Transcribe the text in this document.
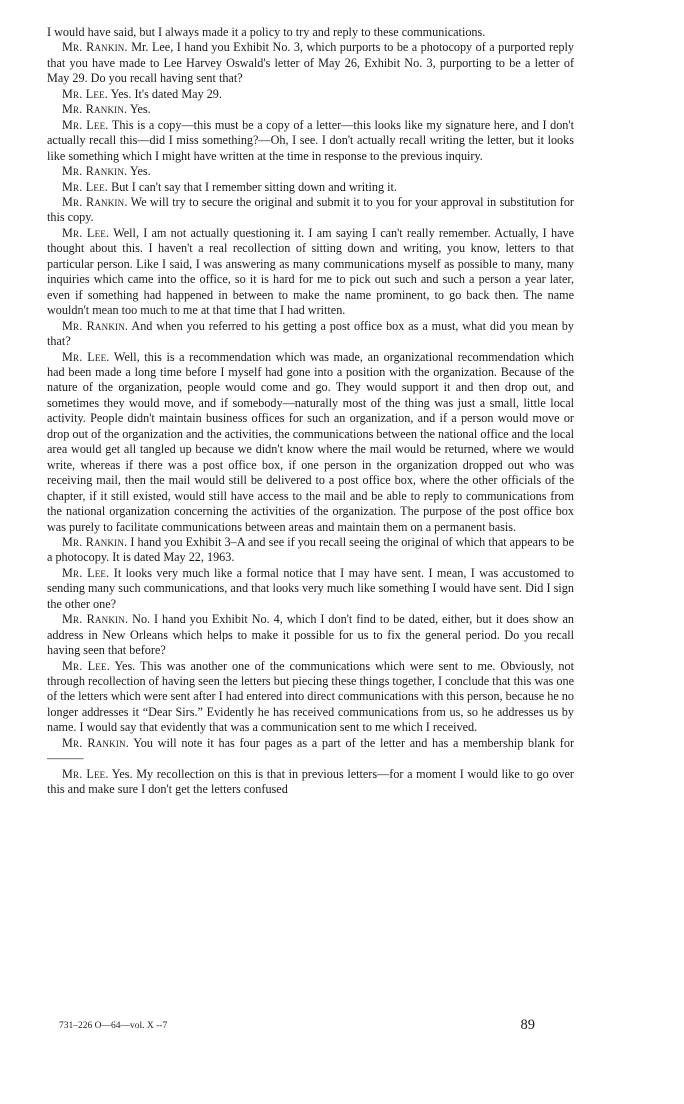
I would have said, but I always made it a policy to try and reply to these communications.

Mr. Rankin. Mr. Lee, I hand you Exhibit No. 3, which purports to be a photocopy of a purported reply that you have made to Lee Harvey Oswald's letter of May 26, Exhibit No. 3, purporting to be a letter of May 29. Do you recall having sent that?

Mr. Lee. Yes. It's dated May 29.

Mr. Rankin. Yes.

Mr. Lee. This is a copy—this must be a copy of a letter—this looks like my signature here, and I don't actually recall this—did I miss something?—Oh, I see. I don't actually recall writing the letter, but it looks like something which I might have written at the time in response to the previous inquiry.

Mr. Rankin. Yes.

Mr. Lee. But I can't say that I remember sitting down and writing it.

Mr. Rankin. We will try to secure the original and submit it to you for your approval in substitution for this copy.

Mr. Lee. Well, I am not actually questioning it. I am saying I can't really remember. Actually, I have thought about this. I haven't a real recollection of sitting down and writing, you know, letters to that particular person. Like I said, I was answering as many communications myself as possible to many, many inquiries which came into the office, so it is hard for me to pick out such and such a person a year later, even if something had happened in between to make the name prominent, to go back then. The name wouldn't mean too much to me at that time that I had written.

Mr. Rankin. And when you referred to his getting a post office box as a must, what did you mean by that?

Mr. Lee. Well, this is a recommendation which was made, an organizational recommendation which had been made a long time before I myself had gone into a position with the organization. Because of the nature of the organization, people would come and go. They would support it and then drop out, and sometimes they would move, and if somebody—naturally most of the thing was just a small, little local activity. People didn't maintain business offices for such an organization, and if a person would move or drop out of the organization and the activities, the communications between the national office and the local area would get all tangled up because we didn't know where the mail would be returned, where we would write, whereas if there was a post office box, if one person in the organization dropped out who was receiving mail, then the mail would still be delivered to a post office box, where the other officials of the chapter, if it still existed, would still have access to the mail and be able to reply to communications from the national organization concerning the activities of the organization. The purpose of the post office box was purely to facilitate communications between areas and maintain them on a permanent basis.

Mr. Rankin. I hand you Exhibit 3–A and see if you recall seeing the original of which that appears to be a photocopy. It is dated May 22, 1963.

Mr. Lee. It looks very much like a formal notice that I may have sent. I mean, I was accustomed to sending many such communications, and that looks very much like something I would have sent. Did I sign the other one?

Mr. Rankin. No. I hand you Exhibit No. 4, which I don't find to be dated, either, but it does show an address in New Orleans which helps to make it possible for us to fix the general period. Do you recall having seen that before?

Mr. Lee. Yes. This was another one of the communications which were sent to me. Obviously, not through recollection of having seen the letters but piecing these things together, I conclude that this was one of the letters which were sent after I had entered into direct communications with this person, because he no longer addresses it “Dear Sirs.” Evidently he has received communications from us, so he addresses us by name. I would say that evidently that was a communication sent to me which I received.

Mr. Rankin. You will note it has four pages as a part of the letter and has a membership blank for———

Mr. Lee. Yes. My recollection on this is that in previous letters—for a moment I would like to go over this and make sure I don't get the letters confused

731–226 O—64—vol. X --7	89
